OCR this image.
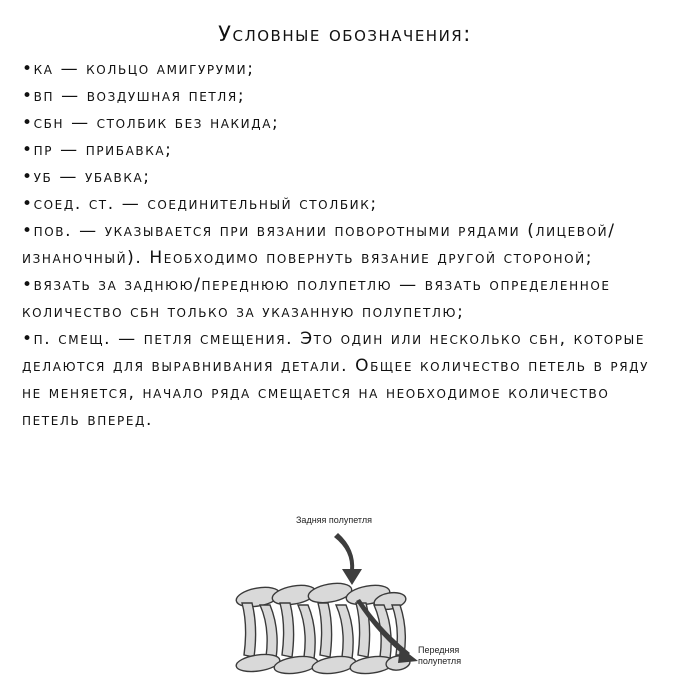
Условные обозначения:

•ка — кольцо амигуруми;

•вп — воздушная петля;

•сбн — столбик без накида;

•пр — прибавка;

•уб — убавка;

•соед. ст. — соединительный столбик;

•пов. — указывается при вязании поворотными рядами (лицевой/изнаночный). Необходимо повернуть вязание другой стороной;

•вязать за заднюю/переднюю полупетлю — вязать определенное количество сбн только за указанную полупетлю;

•п. смещ. — петля смещения. Это один или несколько сбн, которые делаются для выравнивания детали. Общее количество петель в ряду не меняется, начало ряда смещается на необходимое количество петель вперед.

Задняя полупетля
Передняя
полупетля
